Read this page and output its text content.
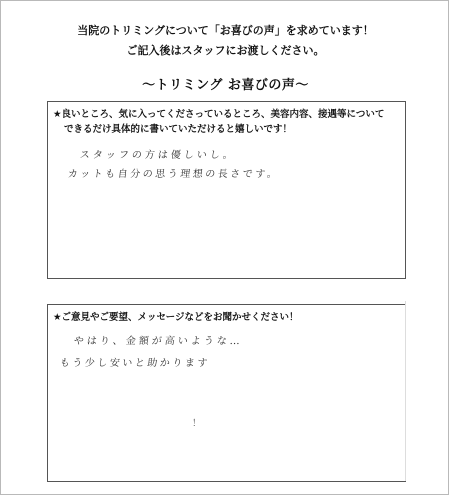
当院のトリミングについて「お喜びの声」を求めています！
ご記入後はスタッフにお渡しください。
～トリミング お喜びの声～
★良いところ、気に入ってくださっているところ、美容内容、接遇等について
できるだけ具体的に書いていただけると嬉しいです！
スタッフの方は優しいし。
カットも自分の思う理想の長さです。
★ご意見やご要望、メッセージなどをお聞かせください！
やはり、金額が高いような…
もう少し安いと助かります
！
